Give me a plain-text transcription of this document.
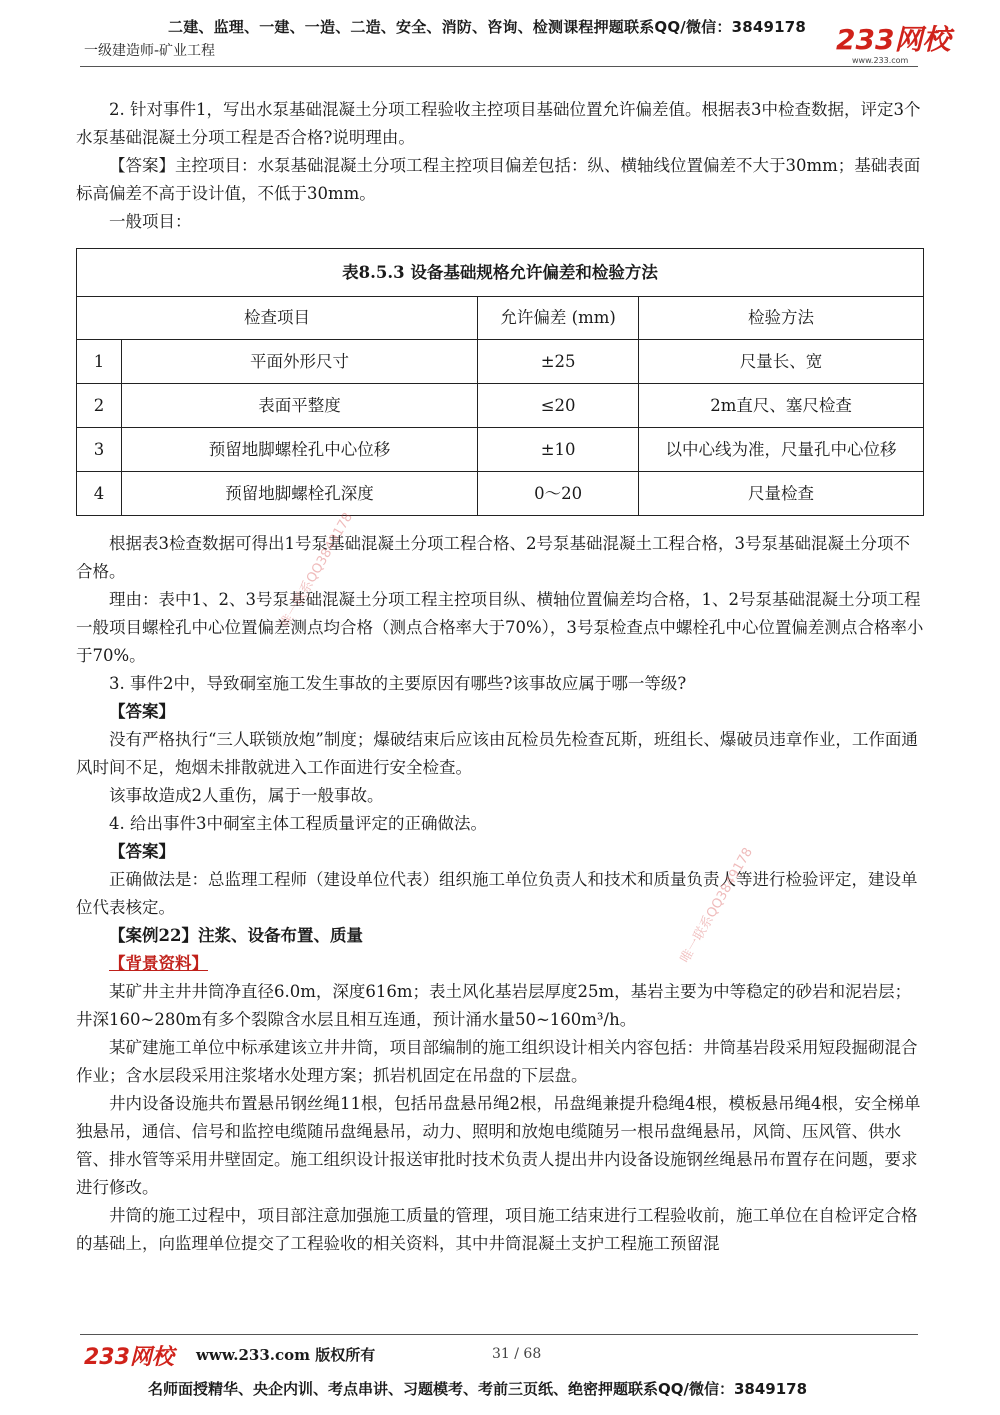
二建、监理、一建、一造、二造、安全、消防、咨询、检测课程押题联系QQ/微信：3849178
一级建造师-矿业工程	233网校
www.233.com

2. 针对事件1，写出水泵基础混凝土分项工程验收主控项目基础位置允许偏差值。根据表3中检查数据，评定3个水泵基础混凝土分项工程是否合格?说明理由。

【答案】主控项目：水泵基础混凝土分项工程主控项目偏差包括：纵、横轴线位置偏差不大于30mm；基础表面标高偏差不高于设计值，不低于30mm。

一般项目：

表8.5.3 设备基础规格允许偏差和检验方法			
检查项目		允许偏差 (mm)	检验方法
1	平面外形尺寸	±25	尺量长、宽
2	表面平整度	≤20	2m直尺、塞尺检查
3	预留地脚螺栓孔中心位移	±10	以中心线为准，尺量孔中心位移
4	预留地脚螺栓孔深度	0～20	尺量检查

根据表3检查数据可得出1号泵基础混凝土分项工程合格、2号泵基础混凝土工程合格，3号泵基础混凝土分项不合格。

理由：表中1、2、3号泵基础混凝土分项工程主控项目纵、横轴位置偏差均合格，1、2号泵基础混凝土分项工程一般项目螺栓孔中心位置偏差测点均合格（测点合格率大于70%），3号泵检查点中螺栓孔中心位置偏差测点合格率小于70%。

3. 事件2中，导致硐室施工发生事故的主要原因有哪些?该事故应属于哪一等级?

【答案】

没有严格执行“三人联锁放炮”制度；爆破结束后应该由瓦检员先检查瓦斯，班组长、爆破员违章作业，工作面通风时间不足，炮烟未排散就进入工作面进行安全检查。

该事故造成2人重伤，属于一般事故。

4. 给出事件3中硐室主体工程质量评定的正确做法。

【答案】

正确做法是：总监理工程师（建设单位代表）组织施工单位负责人和技术和质量负责人等进行检验评定，建设单位代表核定。

【案例22】注浆、设备布置、质量

【背景资料】

某矿井主井井筒净直径6.0m，深度616m；表土风化基岩层厚度25m，基岩主要为中等稳定的砂岩和泥岩层；井深160~280m有多个裂隙含水层且相互连通，预计涌水量50~160m³/h。

某矿建施工单位中标承建该立井井筒，项目部编制的施工组织设计相关内容包括：井筒基岩段采用短段掘砌混合作业；含水层段采用注浆堵水处理方案；抓岩机固定在吊盘的下层盘。

井内设备设施共布置悬吊钢丝绳11根，包括吊盘悬吊绳2根，吊盘绳兼提升稳绳4根，模板悬吊绳4根，安全梯单独悬吊，通信、信号和监控电缆随吊盘绳悬吊，动力、照明和放炮电缆随另一根吊盘绳悬吊，风筒、压风管、供水管、排水管等采用井壁固定。施工组织设计报送审批时技术负责人提出井内设备设施钢丝绳悬吊布置存在问题，要求进行修改。

井筒的施工过程中，项目部注意加强施工质量的管理，项目施工结束进行工程验收前，施工单位在自检评定合格的基础上，向监理单位提交了工程验收的相关资料，其中井筒混凝土支护工程施工预留混

唯一联系QQ3849178
唯一联系QQ3849178
233网校 www.233.com 版权所有	31 / 68
名师面授精华、央企内训、考点串讲、习题模考、考前三页纸、绝密押题联系QQ/微信：3849178
